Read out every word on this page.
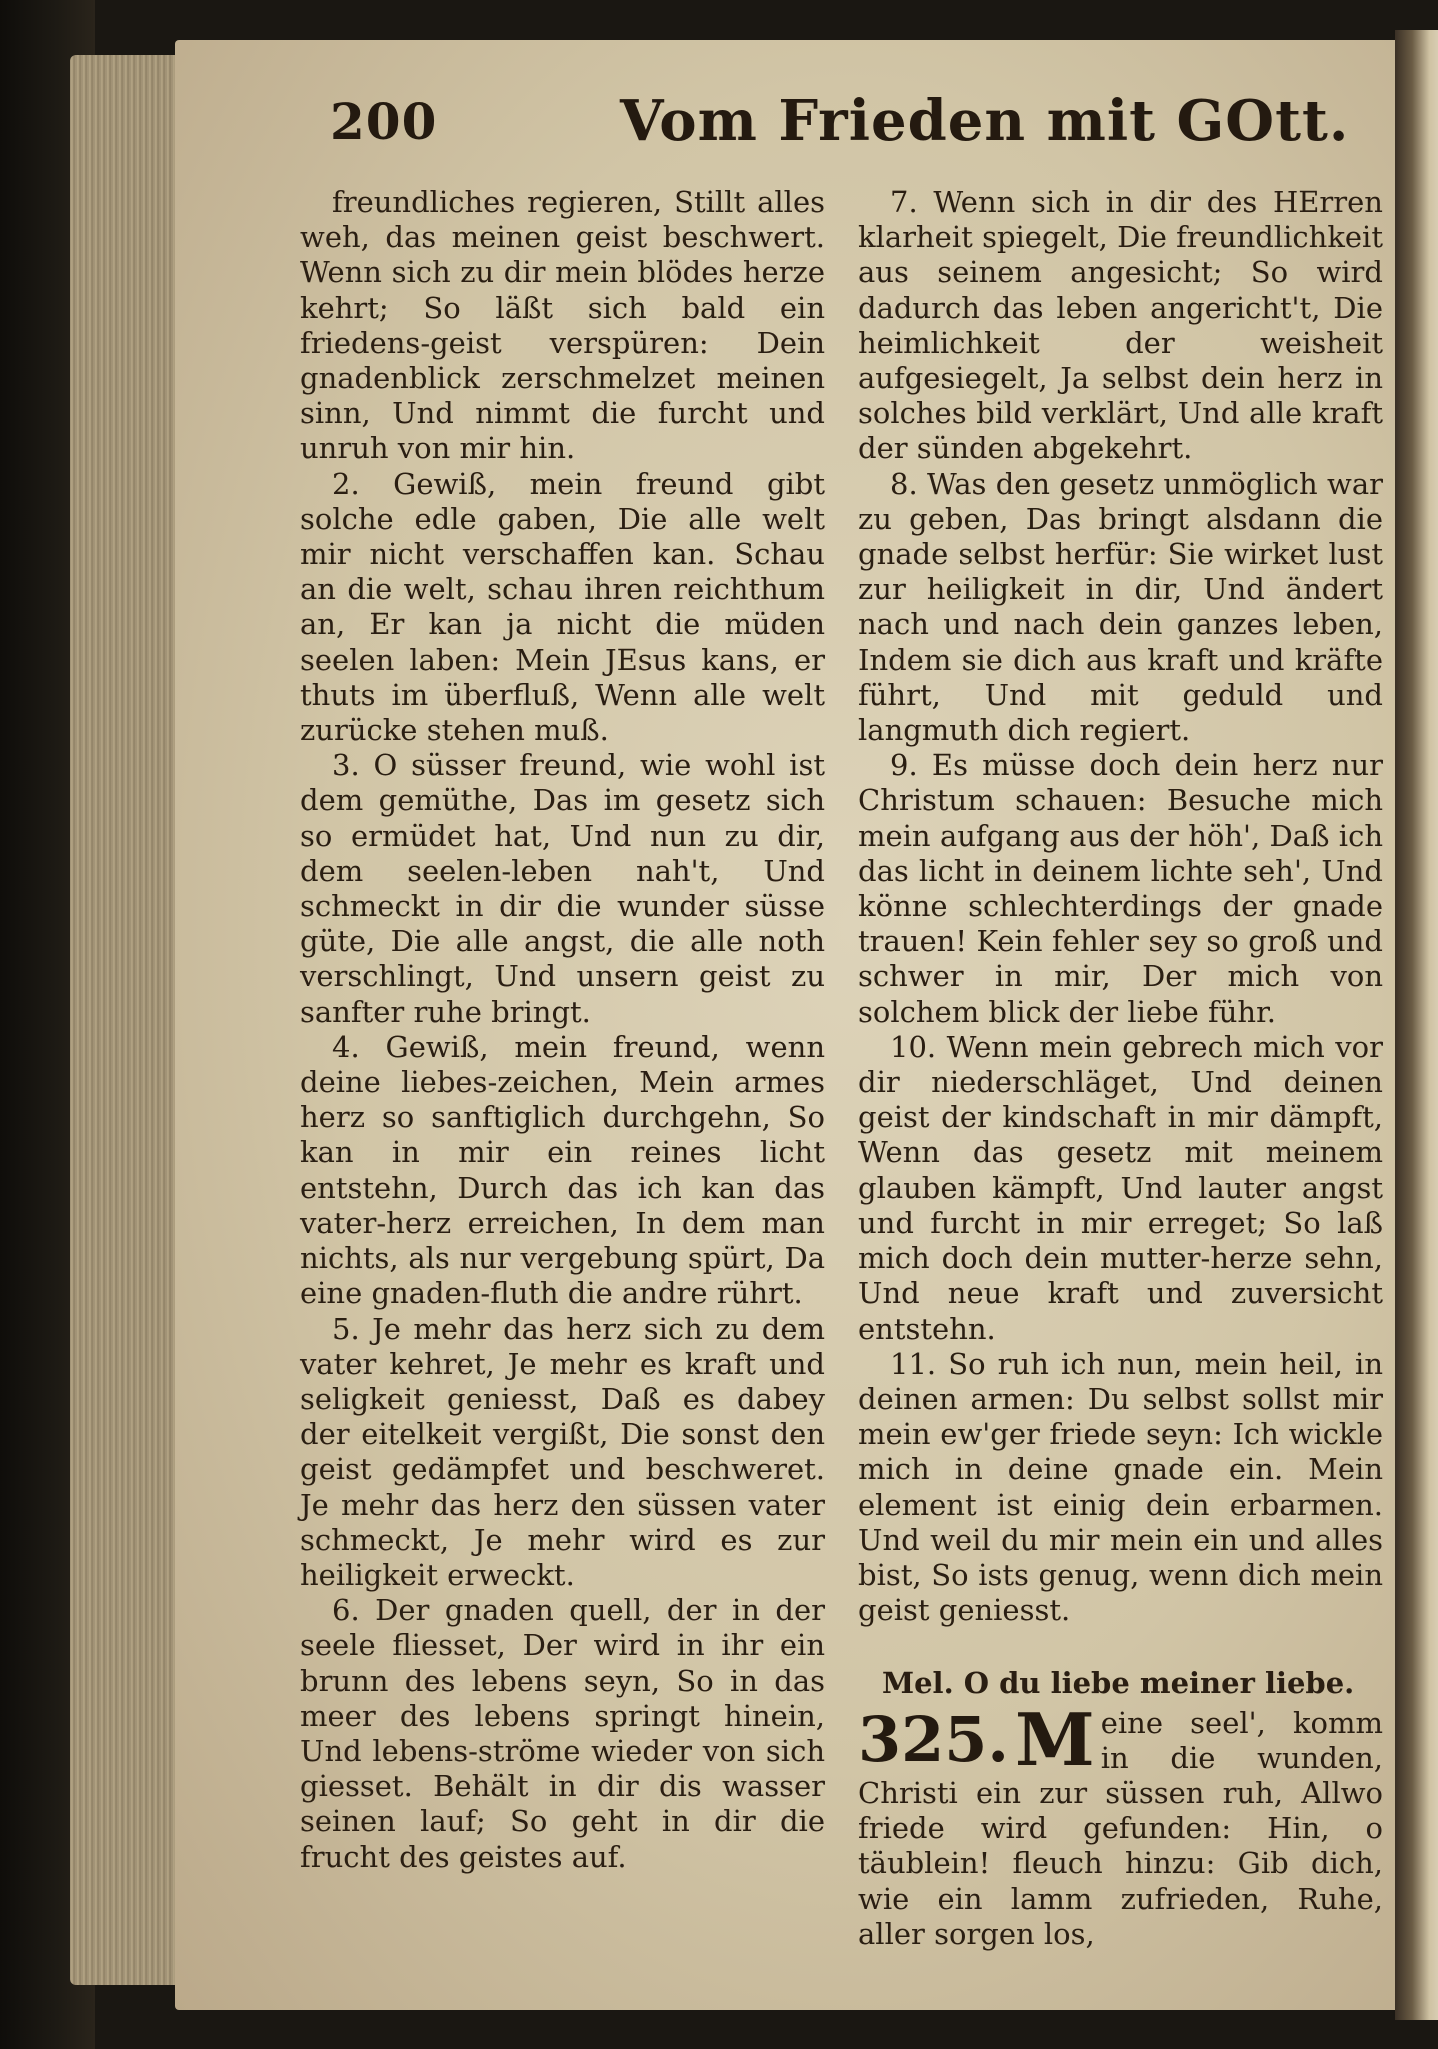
200	Vom Frieden mit GOtt.

freundliches regieren, Stillt alles weh, das meinen geist beschwert. Wenn sich zu dir mein blödes herze kehrt; So läßt sich bald ein friedens-geist verspüren: Dein gnadenblick zerschmelzet meinen sinn, Und nimmt die furcht und unruh von mir hin.

2. Gewiß, mein freund gibt solche edle gaben, Die alle welt mir nicht verschaffen kan. Schau an die welt, schau ihren reichthum an, Er kan ja nicht die müden seelen laben: Mein JEsus kans, er thuts im überfluß, Wenn alle welt zurücke stehen muß.

3. O süsser freund, wie wohl ist dem gemüthe, Das im gesetz sich so ermüdet hat, Und nun zu dir, dem seelen-leben nah't, Und schmeckt in dir die wunder süsse güte, Die alle angst, die alle noth verschlingt, Und unsern geist zu sanfter ruhe bringt.

4. Gewiß, mein freund, wenn deine liebes-zeichen, Mein armes herz so sanftiglich durchgehn, So kan in mir ein reines licht entstehn, Durch das ich kan das vater-herz erreichen, In dem man nichts, als nur vergebung spürt, Da eine gnaden-fluth die andre rührt.

5. Je mehr das herz sich zu dem vater kehret, Je mehr es kraft und seligkeit geniesst, Daß es dabey der eitelkeit vergißt, Die sonst den geist gedämpfet und beschweret. Je mehr das herz den süssen vater schmeckt, Je mehr wird es zur heiligkeit erweckt.

6. Der gnaden quell, der in der seele fliesset, Der wird in ihr ein brunn des lebens seyn, So in das meer des lebens springt hinein, Und lebens-ströme wieder von sich giesset. Behält in dir dis wasser seinen lauf; So geht in dir die frucht des geistes auf.

7. Wenn sich in dir des HErren klarheit spiegelt, Die freundlichkeit aus seinem angesicht; So wird dadurch das leben angericht't, Die heimlichkeit der weisheit aufgesiegelt, Ja selbst dein herz in solches bild verklärt, Und alle kraft der sünden abgekehrt.

8. Was den gesetz unmöglich war zu geben, Das bringt alsdann die gnade selbst herfür: Sie wirket lust zur heiligkeit in dir, Und ändert nach und nach dein ganzes leben, Indem sie dich aus kraft und kräfte führt, Und mit geduld und langmuth dich regiert.

9. Es müsse doch dein herz nur Christum schauen: Besuche mich mein aufgang aus der höh', Daß ich das licht in deinem lichte seh', Und könne schlechterdings der gnade trauen! Kein fehler sey so groß und schwer in mir, Der mich von solchem blick der liebe führ.

10. Wenn mein gebrech mich vor dir niederschläget, Und deinen geist der kindschaft in mir dämpft, Wenn das gesetz mit meinem glauben kämpft, Und lauter angst und furcht in mir erreget; So laß mich doch dein mutter-herze sehn, Und neue kraft und zuversicht entstehn.

11. So ruh ich nun, mein heil, in deinen armen: Du selbst sollst mir mein ew'ger friede seyn: Ich wickle mich in deine gnade ein. Mein element ist einig dein erbarmen. Und weil du mir mein ein und alles bist, So ists genug, wenn dich mein geist geniesst.

Mel. O du liebe meiner liebe.

325. M eine seel', komm in die wunden, Christi ein zur süssen ruh, Allwo friede wird gefunden: Hin, o täublein! fleuch hinzu: Gib dich, wie ein lamm zufrieden, Ruhe, aller sorgen los,
